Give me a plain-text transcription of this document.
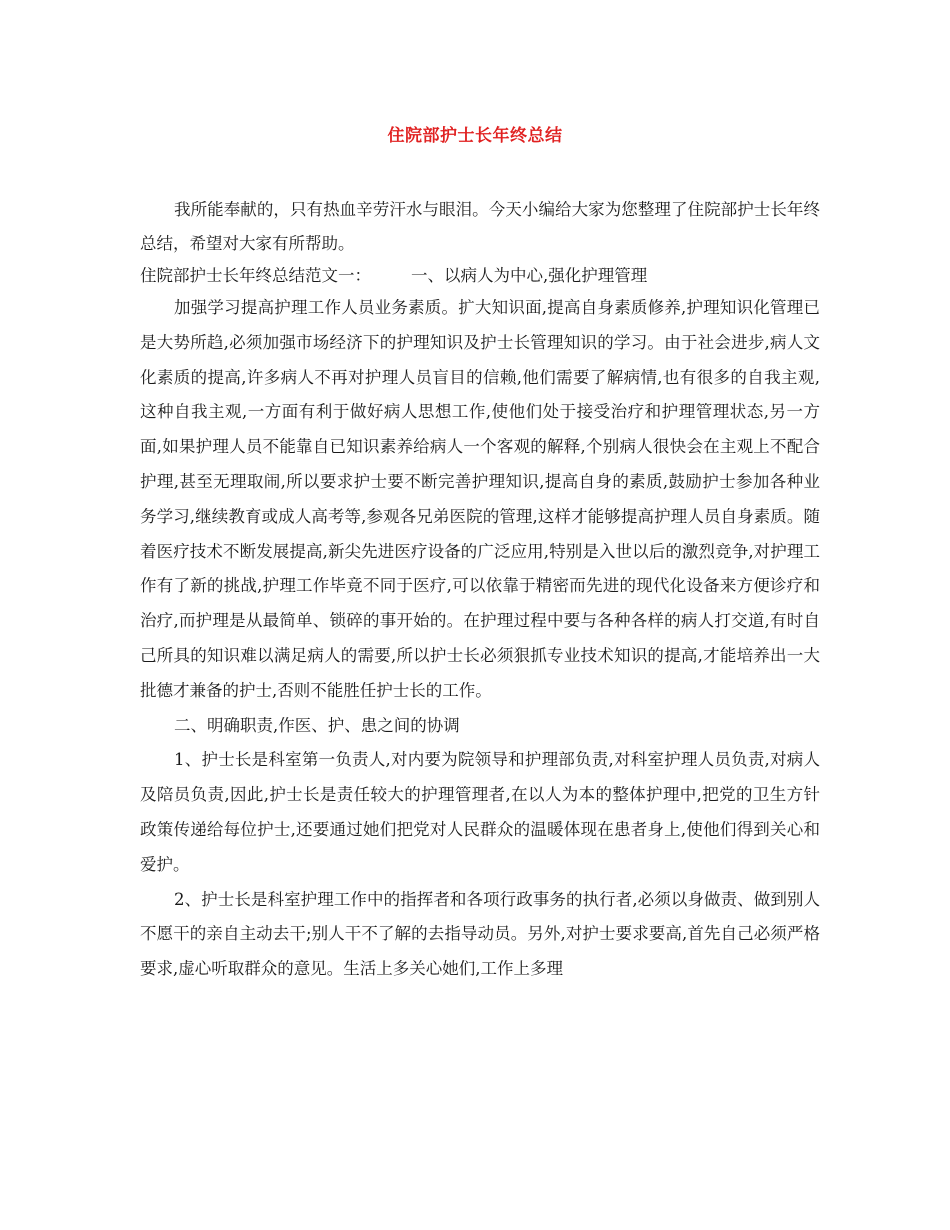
住院部护士长年终总结

我所能奉献的，只有热血辛劳汗水与眼泪。今天小编给大家为您整理了住院部护士长年终总结，希望对大家有所帮助。

住院部护士长年终总结范文一： 一、以病人为中心,强化护理管理

加强学习提高护理工作人员业务素质。扩大知识面,提高自身素质修养,护理知识化管理已是大势所趋,必须加强市场经济下的护理知识及护士长管理知识的学习。由于社会进步,病人文化素质的提高,许多病人不再对护理人员盲目的信赖,他们需要了解病情,也有很多的自我主观,这种自我主观,一方面有利于做好病人思想工作,使他们处于接受治疗和护理管理状态,另一方面,如果护理人员不能靠自已知识素养给病人一个客观的解释,个别病人很快会在主观上不配合护理,甚至无理取闹,所以要求护士要不断完善护理知识,提高自身的素质,鼓励护士参加各种业务学习,继续教育或成人高考等,参观各兄弟医院的管理,这样才能够提高护理人员自身素质。随着医疗技术不断发展提高,新尖先进医疗设备的广泛应用,特别是入世以后的激烈竞争,对护理工作有了新的挑战,护理工作毕竟不同于医疗,可以依靠于精密而先进的现代化设备来方便诊疗和治疗,而护理是从最简单、锁碎的事开始的。在护理过程中要与各种各样的病人打交道,有时自己所具的知识难以满足病人的需要,所以护士长必须狠抓专业技术知识的提高,才能培养出一大批德才兼备的护士,否则不能胜任护士长的工作。

二、明确职责,作医、护、患之间的协调

1、护士长是科室第一负责人,对内要为院领导和护理部负责,对科室护理人员负责,对病人及陪员负责,因此,护士长是责任较大的护理管理者,在以人为本的整体护理中,把党的卫生方针政策传递给每位护士,还要通过她们把党对人民群众的温暖体现在患者身上,使他们得到关心和爱护。

2、护士长是科室护理工作中的指挥者和各项行政事务的执行者,必须以身做责、做到别人不愿干的亲自主动去干;别人干不了解的去指导动员。另外,对护士要求要高,首先自己必须严格要求,虚心听取群众的意见。生活上多关心她们,工作上多理
